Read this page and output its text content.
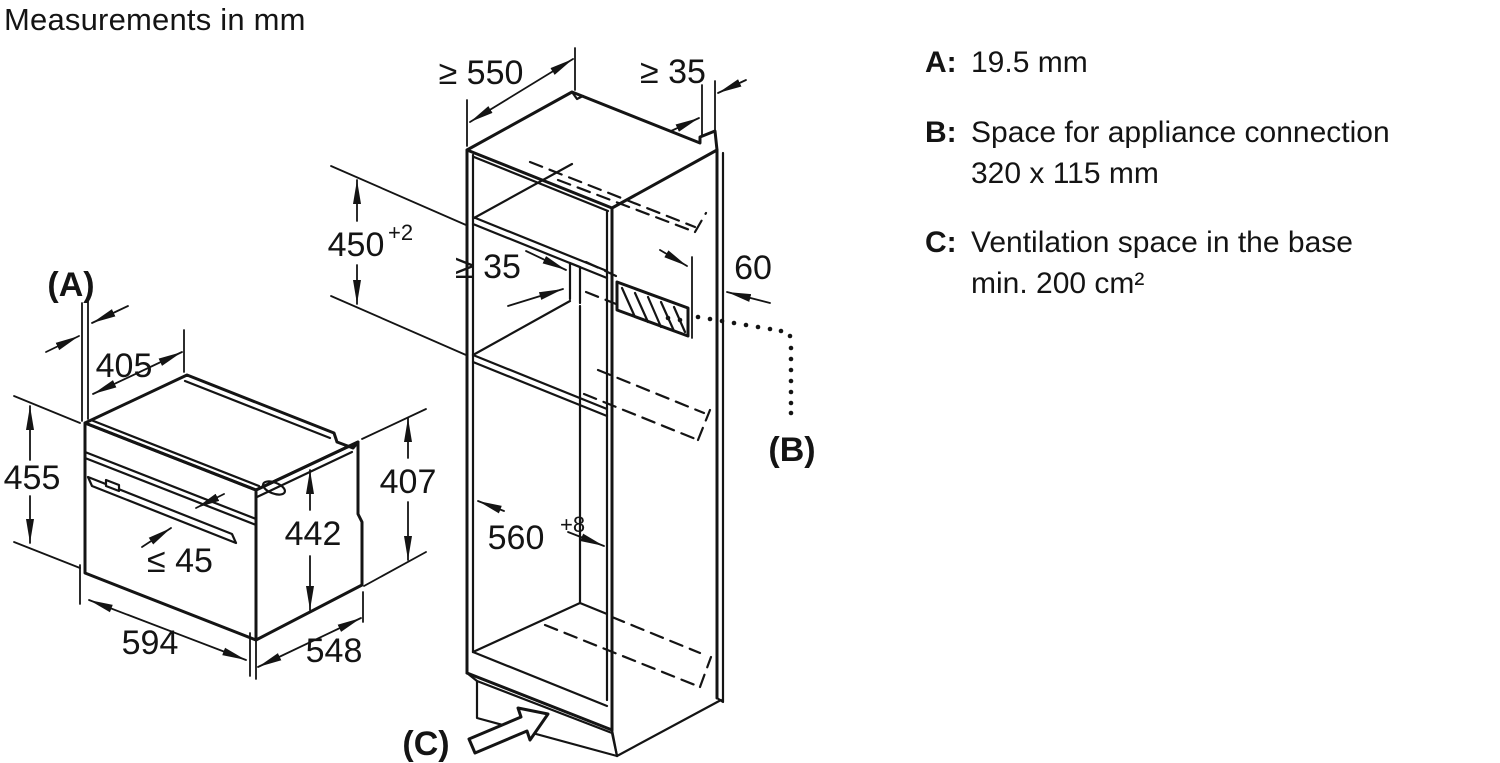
Measurements in mm
≥ 550	≥ 35
450 +2
≥ 35	60
560 +8
(B)
(C)
(A)
405
455
≤ 45
594	548
442
407
A: 19.5 mm
B: Space for appliance connection
320 x 115 mm
C: Ventilation space in the base
min. 200 cm²
